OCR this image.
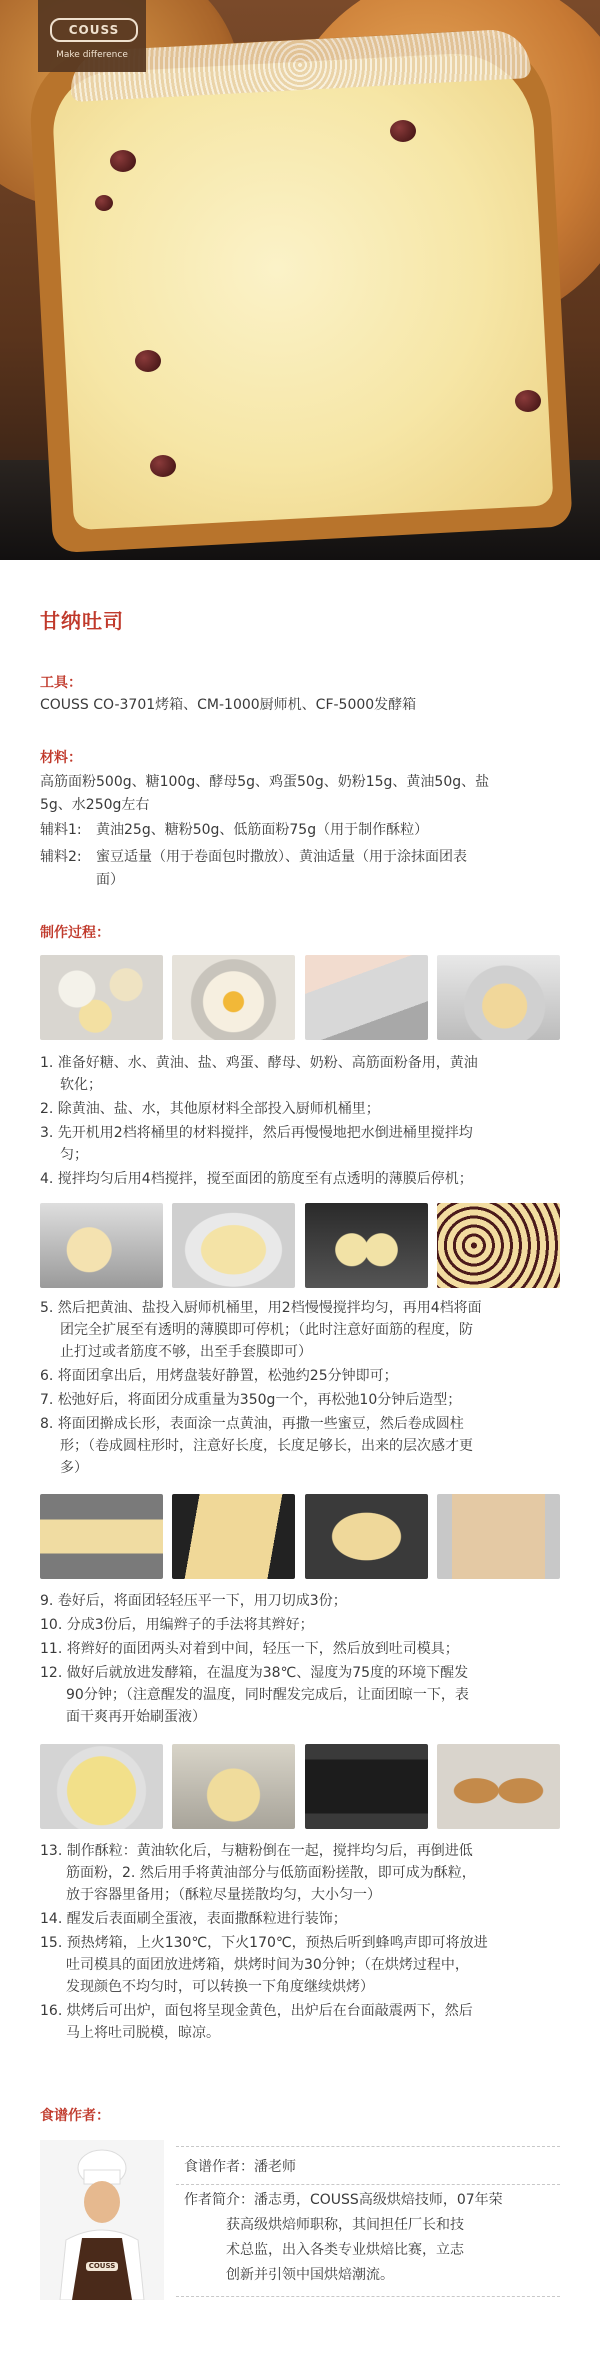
COUSS
Make difference
甘纳吐司
工具：
COUSS CO-3701烤箱、CM-1000厨师机、CF-5000发酵箱
材料：
高筋面粉500g、糖100g、酵母5g、鸡蛋50g、奶粉15g、黄油50g、盐
5g、水250g左右
辅料1: 黄油25g、糖粉50g、低筋面粉75g（用于制作酥粒）
辅料2: 蜜豆适量（用于卷面包时撒放）、黄油适量（用于涂抹面团表
面）
制作过程：
1. 准备好糖、水、黄油、盐、鸡蛋、酵母、奶粉、高筋面粉备用，黄油
软化；
2. 除黄油、盐、水，其他原材料全部投入厨师机桶里；
3. 先开机用2档将桶里的材料搅拌，然后再慢慢地把水倒进桶里搅拌均
匀；
4. 搅拌均匀后用4档搅拌，搅至面团的筋度至有点透明的薄膜后停机；
5. 然后把黄油、盐投入厨师机桶里，用2档慢慢搅拌均匀，再用4档将面
团完全扩展至有透明的薄膜即可停机；（此时注意好面筋的程度，防
止打过或者筋度不够，出至手套膜即可）
6. 将面团拿出后，用烤盘装好静置，松弛约25分钟即可；
7. 松弛好后，将面团分成重量为350g一个，再松弛10分钟后造型；
8. 将面团擀成长形，表面涂一点黄油，再撒一些蜜豆，然后卷成圆柱
形；（卷成圆柱形时，注意好长度，长度足够长，出来的层次感才更
多）
9. 卷好后，将面团轻轻压平一下，用刀切成3份；
10. 分成3份后，用编辫子的手法将其辫好；
11. 将辫好的面团两头对着到中间，轻压一下，然后放到吐司模具；
12. 做好后就放进发酵箱，在温度为38℃、湿度为75度的环境下醒发
90分钟；（注意醒发的温度，同时醒发完成后，让面团晾一下，表
面干爽再开始刷蛋液）
13. 制作酥粒：黄油软化后，与糖粉倒在一起，搅拌均匀后，再倒进低
筋面粉，2. 然后用手将黄油部分与低筋面粉搓散，即可成为酥粒，
放于容器里备用；（酥粒尽量搓散均匀，大小匀一）
14. 醒发后表面刷全蛋液，表面撒酥粒进行装饰；
15. 预热烤箱，上火130℃，下火170℃，预热后听到蜂鸣声即可将放进
吐司模具的面团放进烤箱，烘烤时间为30分钟；（在烘烤过程中，
发现颜色不均匀时，可以转换一下角度继续烘烤）
16. 烘烤后可出炉，面包将呈现金黄色，出炉后在台面敲震两下，然后
马上将吐司脱模，晾凉。
食谱作者：
COUSS
食谱作者：潘老师
作者简介：潘志勇，COUSS高级烘焙技师，07年荣
获高级烘焙师职称，其间担任厂长和技
术总监，出入各类专业烘焙比赛，立志
创新并引领中国烘焙潮流。
